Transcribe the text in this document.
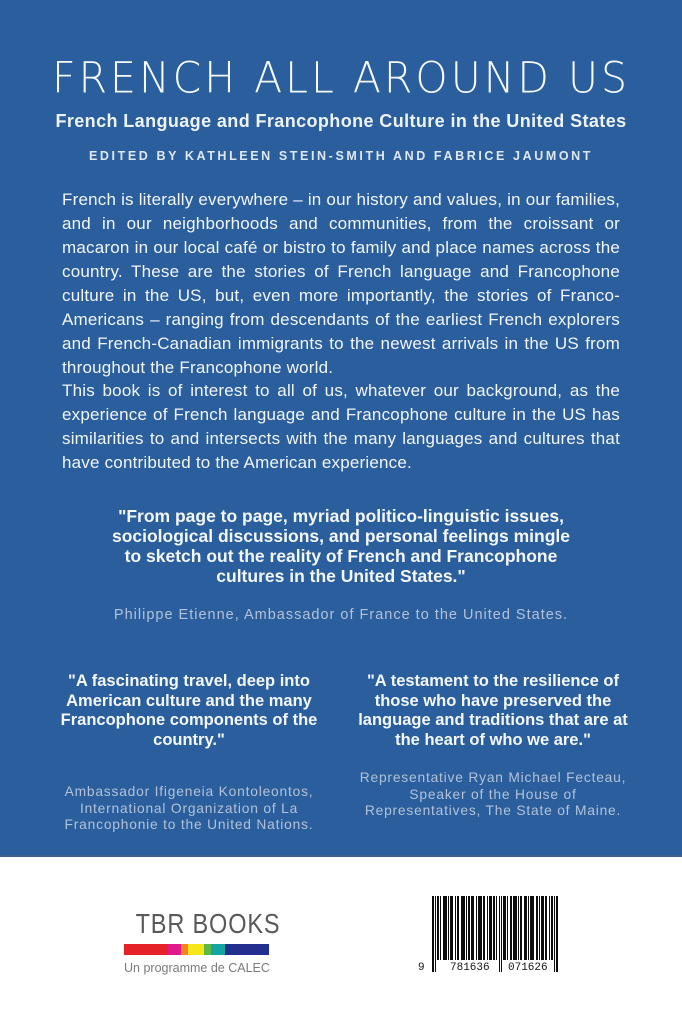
FRENCH ALL AROUND US
French Language and Francophone Culture in the United States
EDITED BY KATHLEEN STEIN-SMITH AND FABRICE JAUMONT
French is literally everywhere – in our history and values, in our families, and in our neighborhoods and communities, from the croissant or macaron in our local café or bistro to family and place names across the country. These are the stories of French language and Francophone culture in the US, but, even more importantly, the stories of Franco-Americans – ranging from descendants of the earliest French explorers and French-Canadian immigrants to the newest arrivals in the US from throughout the Francophone world.
This book is of interest to all of us, whatever our background, as the experience of French language and Francophone culture in the US has similarities to and intersects with the many languages and cultures that have contributed to the American experience.
"From page to page, myriad politico-linguistic issues, sociological discussions, and personal feelings mingle to sketch out the reality of French and Francophone cultures in the United States."
Philippe Etienne, Ambassador of France to the United States.
"A fascinating travel, deep into American culture and the many Francophone components of the country."
Ambassador Ifigeneia Kontoleontos, International Organization of La Francophonie to the United Nations.
"A testament to the resilience of those who have preserved the language and traditions that are at the heart of who we are."
Representative Ryan Michael Fecteau, Speaker of the House of Representatives, The State of Maine.
TBR BOOKS
Un programme de CALEC	9 781636 071626
